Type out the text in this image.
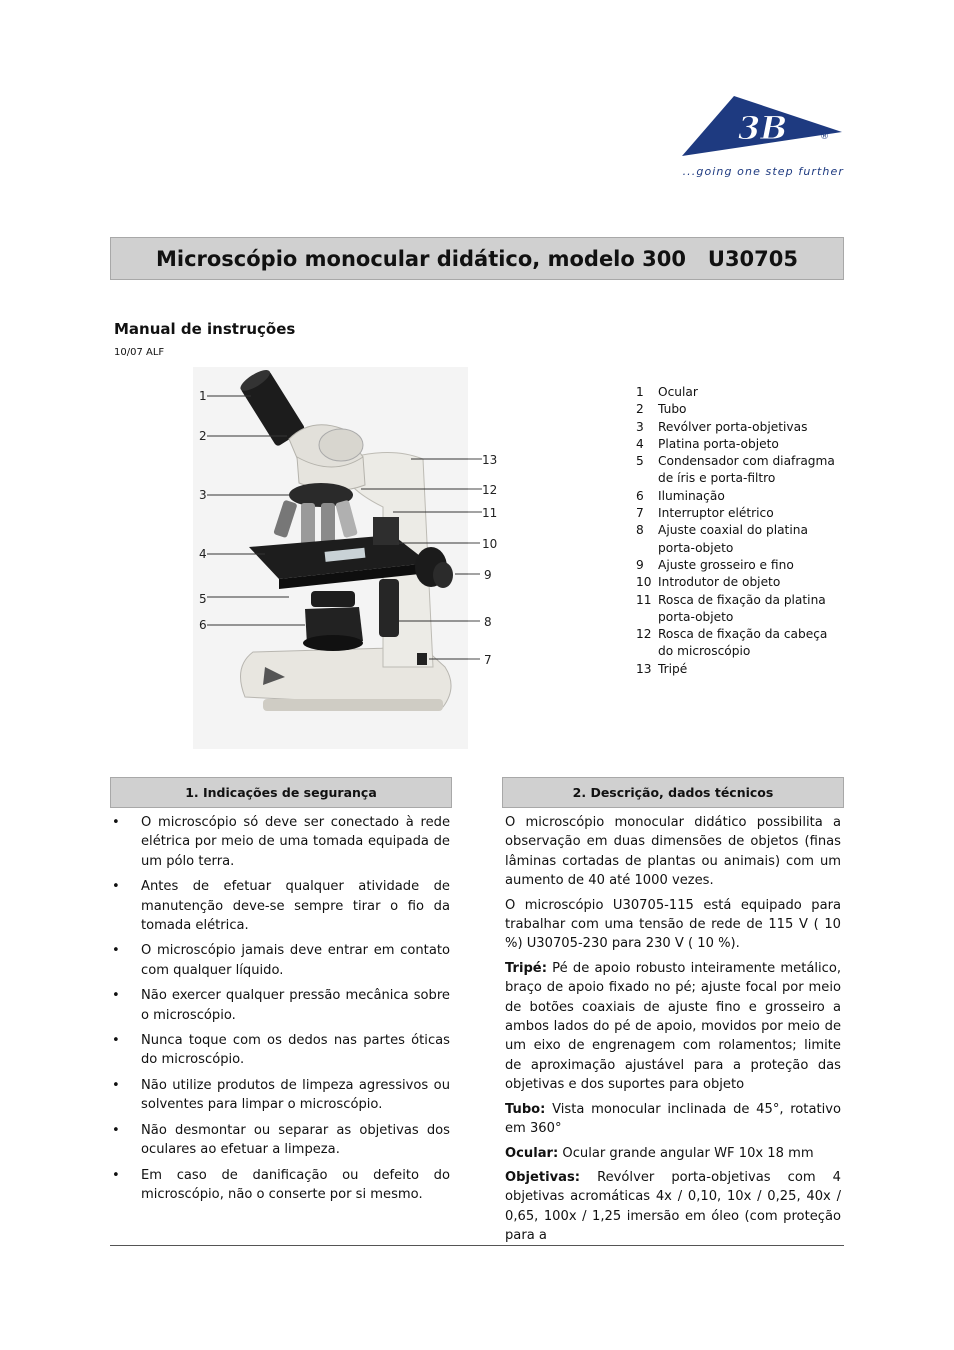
3B	®
...going one step further
Microscópio monocular didático, modelo 300 U30705
Manual de instruções
10/07 ALF
1
2
3
4
5
6
13
12
11
10
9
8
7
1	Ocular
2	Tubo
3	Revólver porta-objetivas
4	Platina porta-objeto
5	Condensador com diafragma de íris e porta-filtro
6	Iluminação
7	Interruptor elétrico
8	Ajuste coaxial do platina porta-objeto
9	Ajuste grosseiro e fino
10 Introdutor de objeto
11 Rosca de fixação da platina porta-objeto
12 Rosca de fixação da cabeça do microscópio
13 Tripé
1. Indicações de segurança
• O microscópio só deve ser conectado à rede elétrica por meio de uma tomada equipada de um pólo terra.
• Antes de efetuar qualquer atividade de manutenção deve-se sempre tirar o fio da tomada elétrica.
• O microscópio jamais deve entrar em contato com qualquer líquido.
• Não exercer qualquer pressão mecânica sobre o microscópio.
• Nunca toque com os dedos nas partes óticas do microscópio.
• Não utilize produtos de limpeza agressivos ou solventes para limpar o microscópio.
• Não desmontar ou separar as objetivas dos oculares ao efetuar a limpeza.
• Em caso de danificação ou defeito do microscópio, não o conserte por si mesmo.
2. Descrição, dados técnicos

O microscópio monocular didático possibilita a observação em duas dimensões de objetos (finas lâminas cortadas de plantas ou animais) com um aumento de 40 até 1000 vezes.

O microscópio U30705-115 está equipado para trabalhar com uma tensão de rede de 115 V ( 10 %) U30705-230 para 230 V ( 10 %).

Tripé: Pé de apoio robusto inteiramente metálico, braço de apoio fixado no pé; ajuste focal por meio de botões coaxiais de ajuste fino e grosseiro a ambos lados do pé de apoio, movidos por meio de um eixo de engrenagem com rolamentos; limite de aproximação ajustável para a proteção das objetivas e dos suportes para objeto

Tubo: Vista monocular inclinada de 45°, rotativo em 360°

Ocular: Ocular grande angular WF 10x 18 mm

Objetivas: Revólver porta-objetivas com 4 objetivas acromáticas 4x / 0,10, 10x / 0,25, 40x / 0,65, 100x / 1,25 imersão em óleo (com proteção para a
